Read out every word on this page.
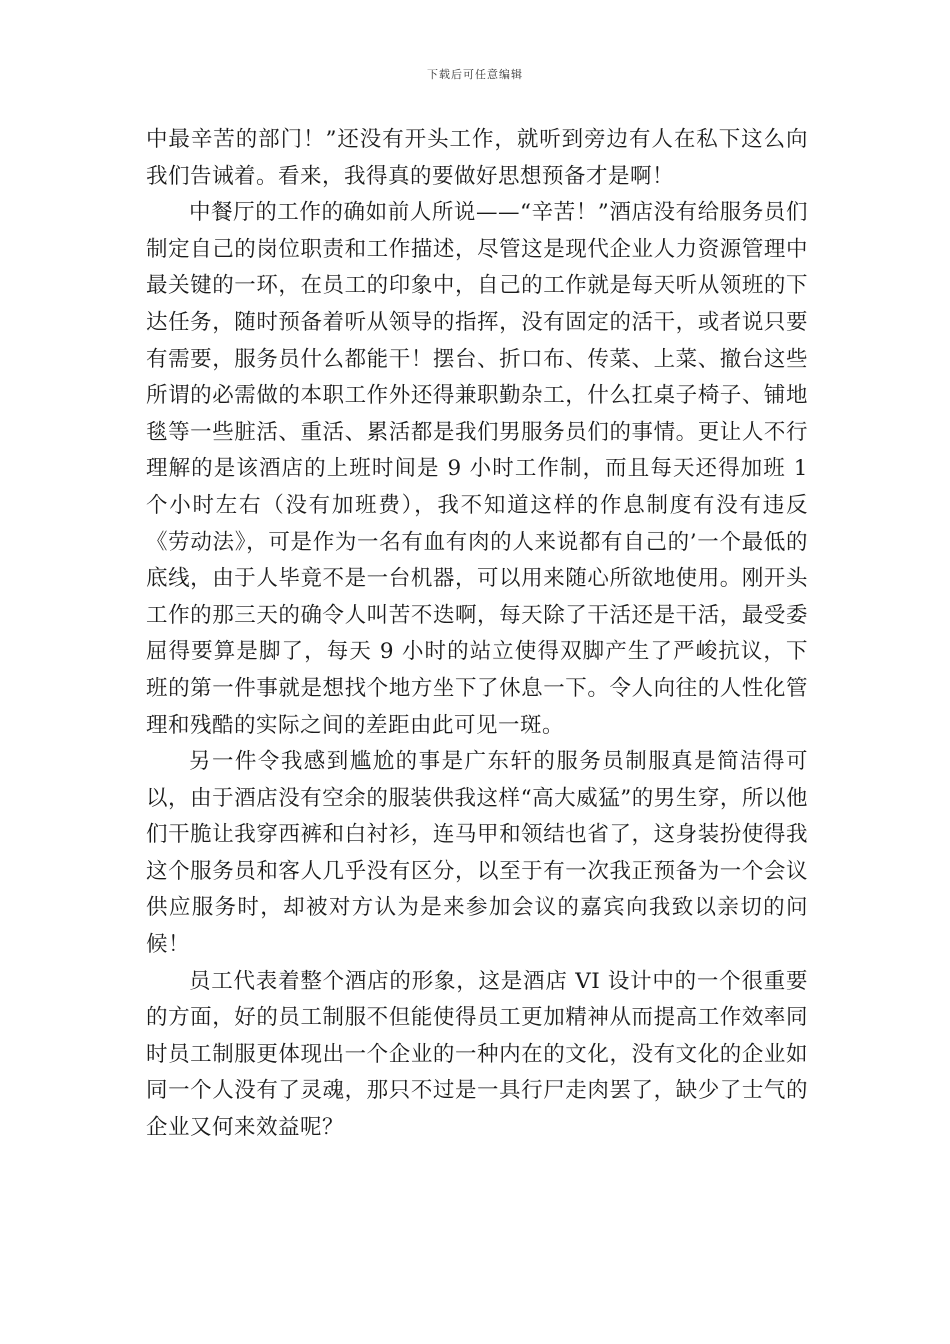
下载后可任意编辑

中最辛苦的部门！”还没有开头工作，就听到旁边有人在私下这么向我们告诫着。看来，我得真的要做好思想预备才是啊！

中餐厅的工作的确如前人所说——“辛苦！”酒店没有给服务员们制定自己的岗位职责和工作描述，尽管这是现代企业人力资源管理中最关键的一环，在员工的印象中，自己的工作就是每天听从领班的下达任务，随时预备着听从领导的指挥，没有固定的活干，或者说只要有需要，服务员什么都能干！摆台、折口布、传菜、上菜、撤台这些所谓的必需做的本职工作外还得兼职勤杂工，什么扛桌子椅子、铺地毯等一些脏活、重活、累活都是我们男服务员们的事情。更让人不行理解的是该酒店的上班时间是 9 小时工作制，而且每天还得加班 1 个小时左右（没有加班费），我不知道这样的作息制度有没有违反《劳动法》，可是作为一名有血有肉的人来说都有自己的’一个最低的底线，由于人毕竟不是一台机器，可以用来随心所欲地使用。刚开头工作的那三天的确令人叫苦不迭啊，每天除了干活还是干活，最受委屈得要算是脚了，每天 9 小时的站立使得双脚产生了严峻抗议，下班的第一件事就是想找个地方坐下了休息一下。令人向往的人性化管理和残酷的实际之间的差距由此可见一斑。

另一件令我感到尴尬的事是广东轩的服务员制服真是简洁得可以，由于酒店没有空余的服装供我这样“高大威猛”的男生穿，所以他们干脆让我穿西裤和白衬衫，连马甲和领结也省了，这身装扮使得我这个服务员和客人几乎没有区分，以至于有一次我正预备为一个会议供应服务时，却被对方认为是来参加会议的嘉宾向我致以亲切的问候！

员工代表着整个酒店的形象，这是酒店 VI 设计中的一个很重要的方面，好的员工制服不但能使得员工更加精神从而提高工作效率同时员工制服更体现出一个企业的一种内在的文化，没有文化的企业如同一个人没有了灵魂，那只不过是一具行尸走肉罢了，缺少了士气的企业又何来效益呢？
